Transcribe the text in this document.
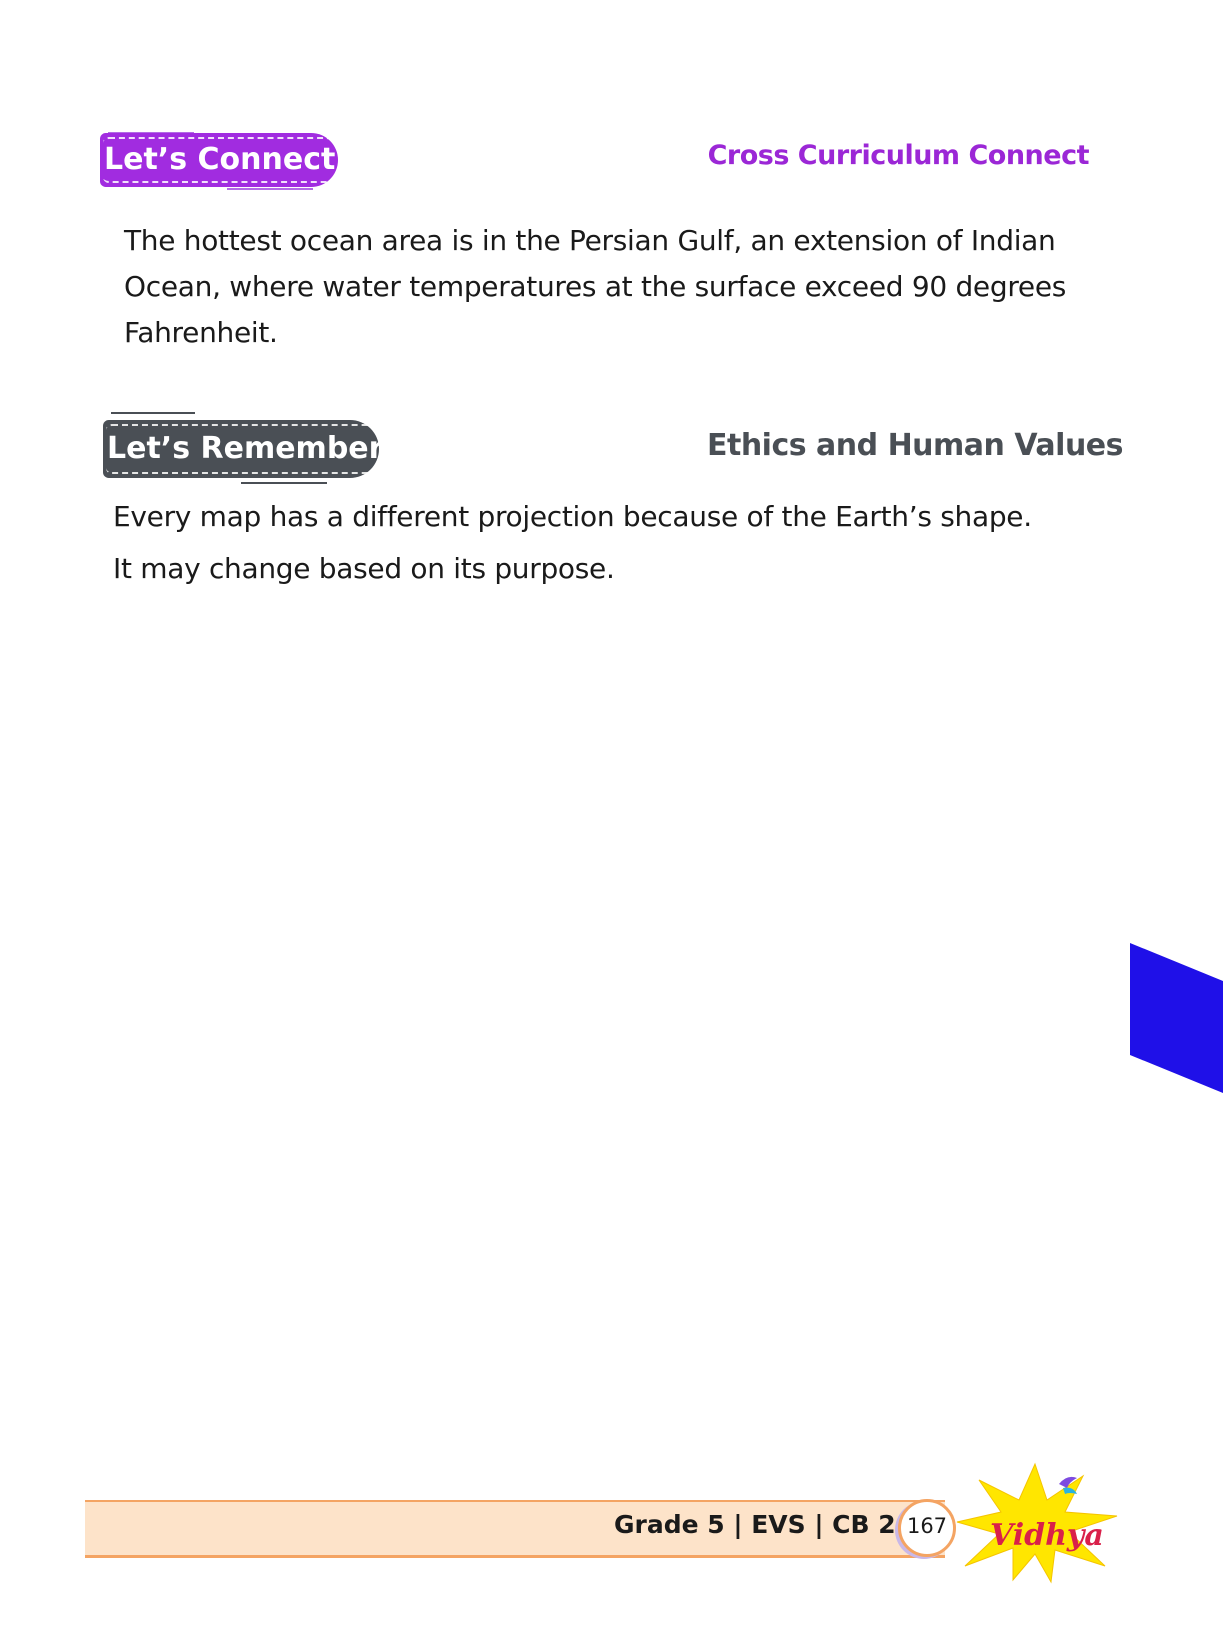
Let’s Connect	Cross Curriculum Connect
The hottest ocean area is in the Persian Gulf, an extension of Indian Ocean, where water temperatures at the surface exceed 90 degrees Fahrenheit.
Let’s Remember	Ethics and Human Values
Every map has a different projection because of the Earth’s shape.
It may change based on its purpose.
Grade 5 | EVS | CB 2 167 Vidhya
